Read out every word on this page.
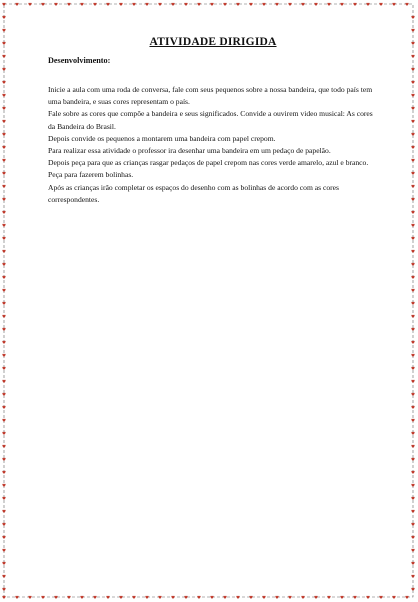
ATIVIDADE DIRIGIDA
Desenvolvimento:

Inicie a aula com uma roda de conversa, fale com seus pequenos sobre a nossa bandeira, que todo país tem uma bandeira, e suas cores representam o país.

Fale sobre as cores que compõe a bandeira e seus significados. Convide a ouvirem video musical: As cores da Bandeira do Brasil.

Depois convide os pequenos a montarem uma bandeira com papel crepom.

Para realizar essa atividade o professor ira desenhar uma bandeira em um pedaço de papelão.

Depois peça para que as crianças rasgar pedaços de papel crepom nas cores verde amarelo, azul e branco. Peça para fazerem bolinhas.

Após as crianças irão completar os espaços do desenho com as bolinhas de acordo com as cores correspondentes.
